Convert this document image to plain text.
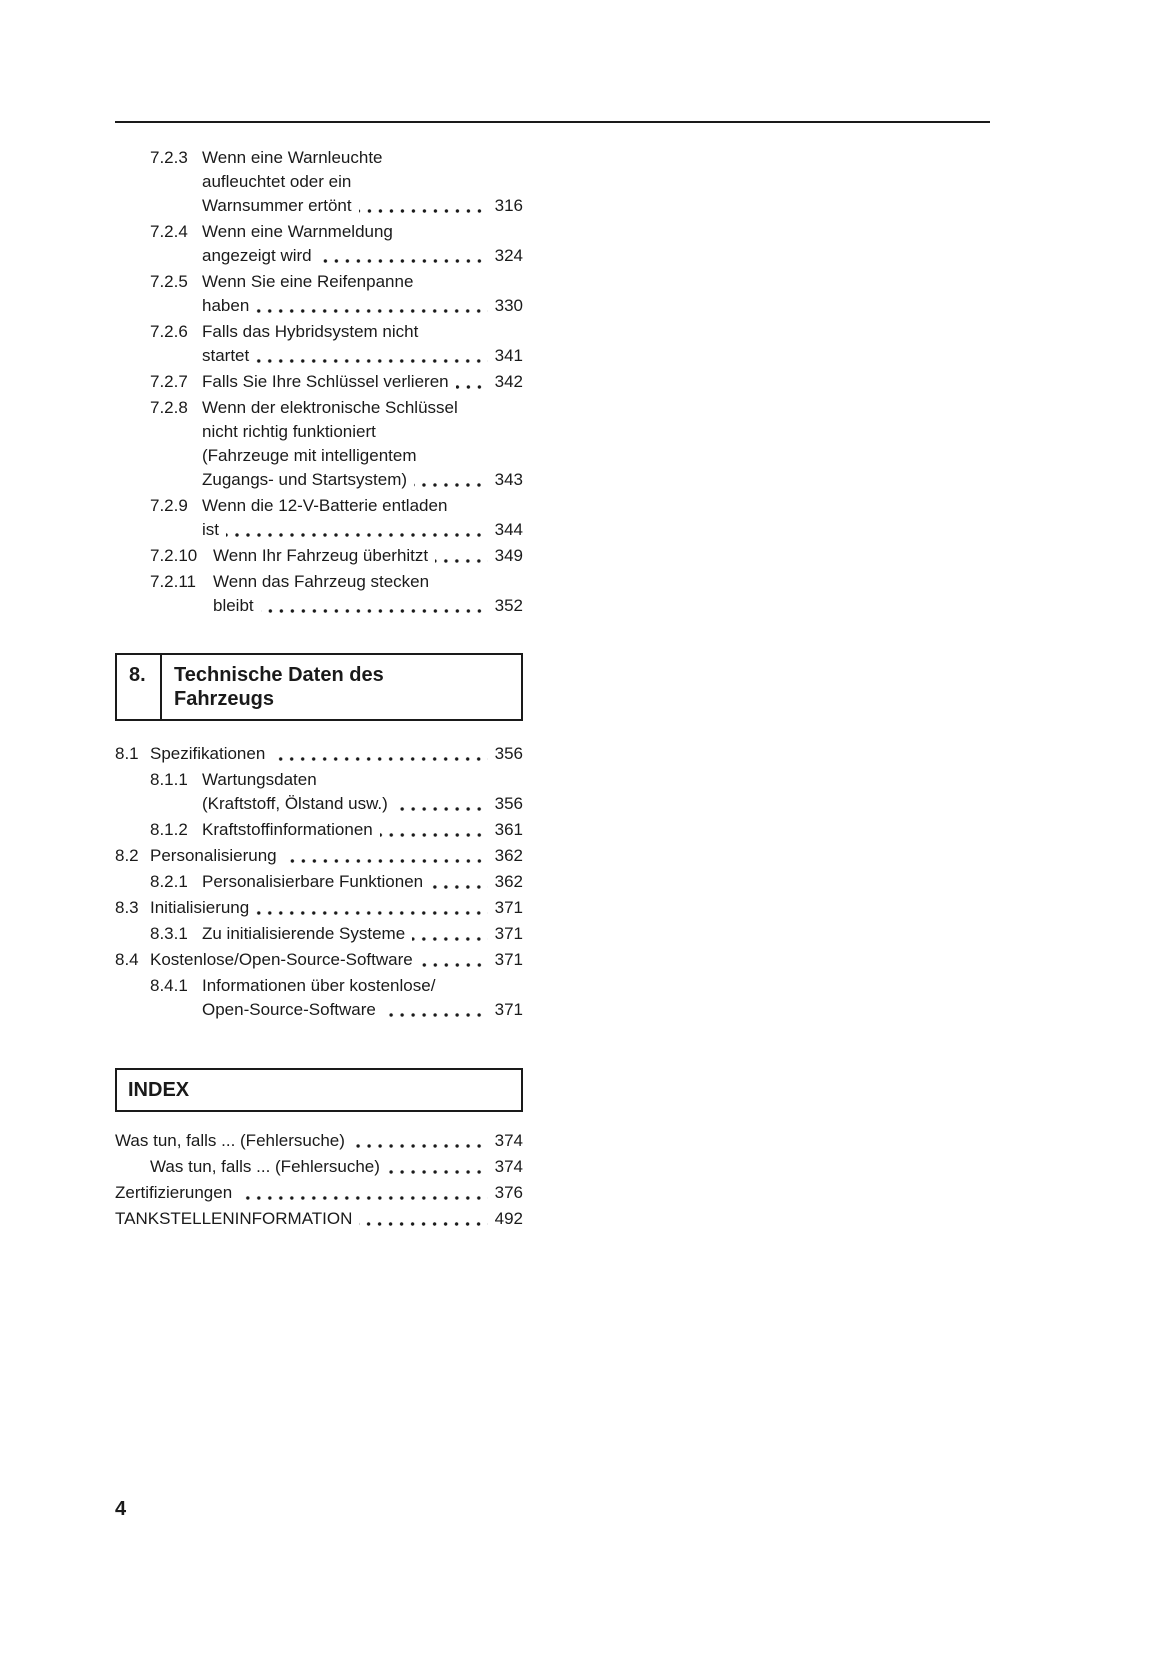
7.2.3 Wenn eine Warnleuchte
aufleuchtet oder ein
Warnsummer ertönt	316
7.2.4 Wenn eine Warnmeldung
angezeigt wird	324
7.2.5 Wenn Sie eine Reifenpanne
haben	330
7.2.6 Falls das Hybridsystem nicht
startet	341
7.2.7 Falls Sie Ihre Schlüssel verlieren	342
7.2.8 Wenn der elektronische Schlüssel
nicht richtig funktioniert
(Fahrzeuge mit intelligentem
Zugangs- und Startsystem)	343
7.2.9 Wenn die 12-V-Batterie entladen
ist	344
7.2.10 Wenn Ihr Fahrzeug überhitzt	349
7.2.11 Wenn das Fahrzeug stecken
bleibt	352
8.	Technische Daten des
Fahrzeugs
8.1 Spezifikationen	356
8.1.1 Wartungsdaten
(Kraftstoff, Ölstand usw.)	356
8.1.2 Kraftstoffinformationen	361
8.2 Personalisierung	362
8.2.1 Personalisierbare Funktionen	362
8.3 Initialisierung	371
8.3.1 Zu initialisierende Systeme	371
8.4 Kostenlose/Open-Source-Software	371
8.4.1 Informationen über kostenlose/
Open-Source-Software	371
INDEX
Was tun, falls ... (Fehlersuche)	374
Was tun, falls ... (Fehlersuche)	374
Zertifizierungen	376
TANKSTELLENINFORMATION	492
4
